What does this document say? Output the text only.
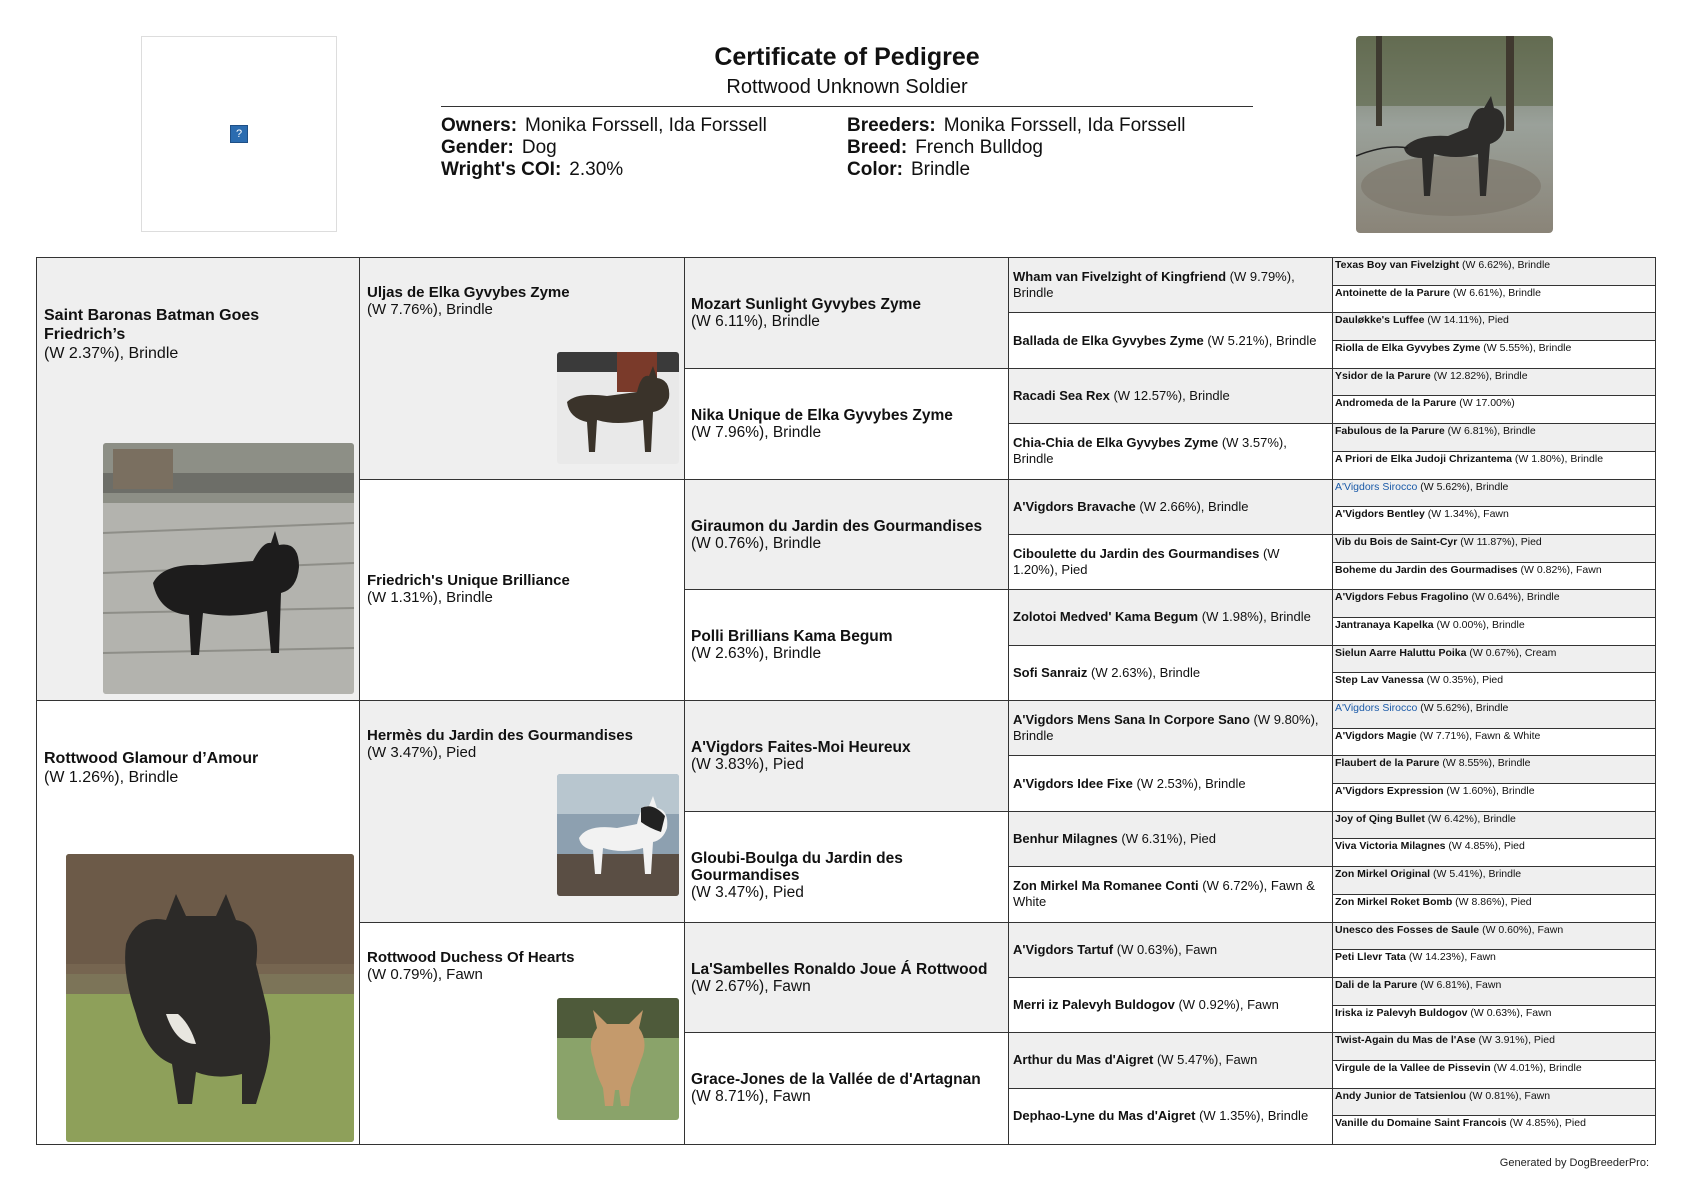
?
Certificate of Pedigree
Rottwood Unknown Soldier
Owners: Monika Forssell, Ida Forssell
Gender: Dog
Wright's COI: 2.30%
Breeders: Monika Forssell, Ida Forssell
Breed: French Bulldog
Color: Brindle
Saint Baronas Batman Goes Friedrich’s
(W 2.37%), Brindle
Rottwood Glamour d’Amour
(W 1.26%), Brindle
Uljas de Elka Gyvybes Zyme
(W 7.76%), Brindle
Friedrich's Unique Brilliance
(W 1.31%), Brindle
Hermès du Jardin des Gourmandises
(W 3.47%), Pied
Rottwood Duchess Of Hearts
(W 0.79%), Fawn
Mozart Sunlight Gyvybes Zyme
(W 6.11%), Brindle
Nika Unique de Elka Gyvybes Zyme
(W 7.96%), Brindle
Giraumon du Jardin des Gourmandises
(W 0.76%), Brindle
Polli Brillians Kama Begum
(W 2.63%), Brindle
A'Vigdors Faites-Moi Heureux
(W 3.83%), Pied
Gloubi-Boulga du Jardin des Gourmandises
(W 3.47%), Pied
La'Sambelles Ronaldo Joue Á Rottwood
(W 2.67%), Fawn
Grace-Jones de la Vallée de d'Artagnan
(W 8.71%), Fawn
Wham van Fivelzight of Kingfriend (W 9.79%), Brindle
Ballada de Elka Gyvybes Zyme (W 5.21%), Brindle
Racadi Sea Rex (W 12.57%), Brindle
Chia-Chia de Elka Gyvybes Zyme (W 3.57%), Brindle
A'Vigdors Bravache (W 2.66%), Brindle
Ciboulette du Jardin des Gourmandises (W 1.20%), Pied
Zolotoi Medved' Kama Begum (W 1.98%), Brindle
Sofi Sanraiz (W 2.63%), Brindle
A'Vigdors Mens Sana In Corpore Sano (W 9.80%), Brindle
A'Vigdors Idee Fixe (W 2.53%), Brindle
Benhur Milagnes (W 6.31%), Pied
Zon Mirkel Ma Romanee Conti (W 6.72%), Fawn & White
A'Vigdors Tartuf (W 0.63%), Fawn
Merri iz Palevyh Buldogov (W 0.92%), Fawn
Arthur du Mas d'Aigret (W 5.47%), Fawn
Dephao-Lyne du Mas d'Aigret (W 1.35%), Brindle
Texas Boy van Fivelzight (W 6.62%), Brindle
Antoinette de la Parure (W 6.61%), Brindle
Dauløkke's Luffee (W 14.11%), Pied
Riolla de Elka Gyvybes Zyme (W 5.55%), Brindle
Ysidor de la Parure (W 12.82%), Brindle
Andromeda de la Parure (W 17.00%)
Fabulous de la Parure (W 6.81%), Brindle
A Priori de Elka Judoji Chrizantema (W 1.80%), Brindle
A'Vigdors Sirocco (W 5.62%), Brindle
A'Vigdors Bentley (W 1.34%), Fawn
Vib du Bois de Saint-Cyr (W 11.87%), Pied
Boheme du Jardin des Gourmadises (W 0.82%), Fawn
A'Vigdors Febus Fragolino (W 0.64%), Brindle
Jantranaya Kapelka (W 0.00%), Brindle
Sielun Aarre Haluttu Poika (W 0.67%), Cream
Step Lav Vanessa (W 0.35%), Pied
A'Vigdors Sirocco (W 5.62%), Brindle
A'Vigdors Magie (W 7.71%), Fawn & White
Flaubert de la Parure (W 8.55%), Brindle
A'Vigdors Expression (W 1.60%), Brindle
Joy of Qing Bullet (W 6.42%), Brindle
Viva Victoria Milagnes (W 4.85%), Pied
Zon Mirkel Original (W 5.41%), Brindle
Zon Mirkel Roket Bomb (W 8.86%), Pied
Unesco des Fosses de Saule (W 0.60%), Fawn
Peti Llevr Tata (W 14.23%), Fawn
Dali de la Parure (W 6.81%), Fawn
Iriska iz Palevyh Buldogov (W 0.63%), Fawn
Twist-Again du Mas de l'Ase (W 3.91%), Pied
Virgule de la Vallee de Pissevin (W 4.01%), Brindle
Andy Junior de Tatsienlou (W 0.81%), Fawn
Vanille du Domaine Saint Francois (W 4.85%), Pied
Generated by DogBreederPro:
